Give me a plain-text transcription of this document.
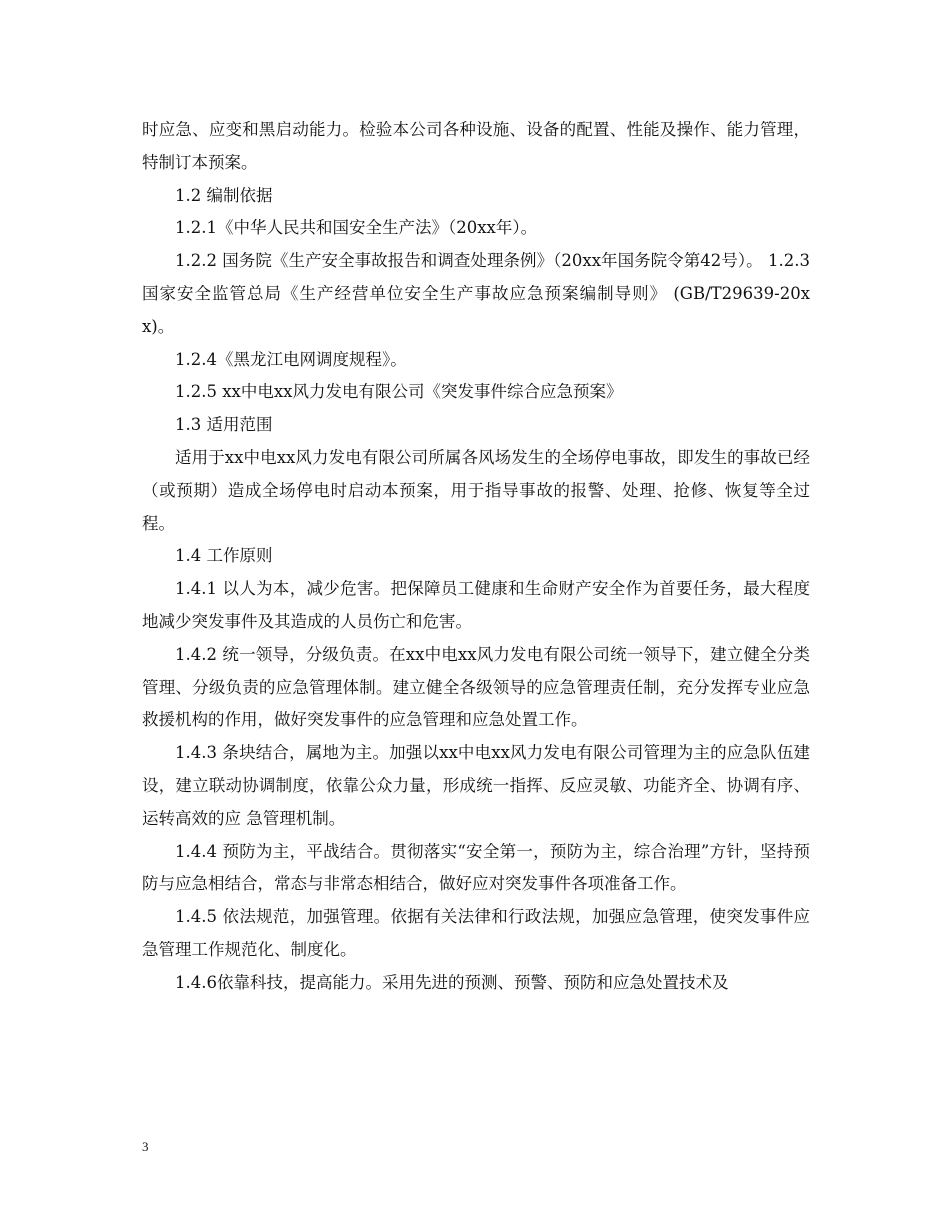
时应急、应变和黑启动能力。检验本公司各种设施、设备的配置、性能及操作、能力管理，特制订本预案。

1.2 编制依据

1.2.1《中华人民共和国安全生产法》（20xx年）。

1.2.2 国务院《生产安全事故报告和调查处理条例》（20xx年国务院令第42号）。 1.2.3 国家安全监管总局《生产经营单位安全生产事故应急预案编制导则》 (GB/T29639-20xx)。

1.2.4《黑龙江电网调度规程》。

1.2.5 xx中电xx风力发电有限公司《突发事件综合应急预案》

1.3 适用范围

适用于xx中电xx风力发电有限公司所属各风场发生的全场停电事故，即发生的事故已经（或预期）造成全场停电时启动本预案，用于指导事故的报警、处理、抢修、恢复等全过程。

1.4 工作原则

1.4.1 以人为本，减少危害。把保障员工健康和生命财产安全作为首要任务，最大程度地减少突发事件及其造成的人员伤亡和危害。

1.4.2 统一领导，分级负责。在xx中电xx风力发电有限公司统一领导下，建立健全分类管理、分级负责的应急管理体制。建立健全各级领导的应急管理责任制，充分发挥专业应急救援机构的作用，做好突发事件的应急管理和应急处置工作。

1.4.3 条块结合，属地为主。加强以xx中电xx风力发电有限公司管理为主的应急队伍建设，建立联动协调制度，依靠公众力量，形成统一指挥、反应灵敏、功能齐全、协调有序、运转高效的应 急管理机制。

1.4.4 预防为主，平战结合。贯彻落实“安全第一，预防为主，综合治理”方针，坚持预防与应急相结合，常态与非常态相结合，做好应对突发事件各项准备工作。

1.4.5 依法规范，加强管理。依据有关法律和行政法规，加强应急管理，使突发事件应急管理工作规范化、制度化。

1.4.6依靠科技，提高能力。采用先进的预测、预警、预防和应急处置技术及

3
